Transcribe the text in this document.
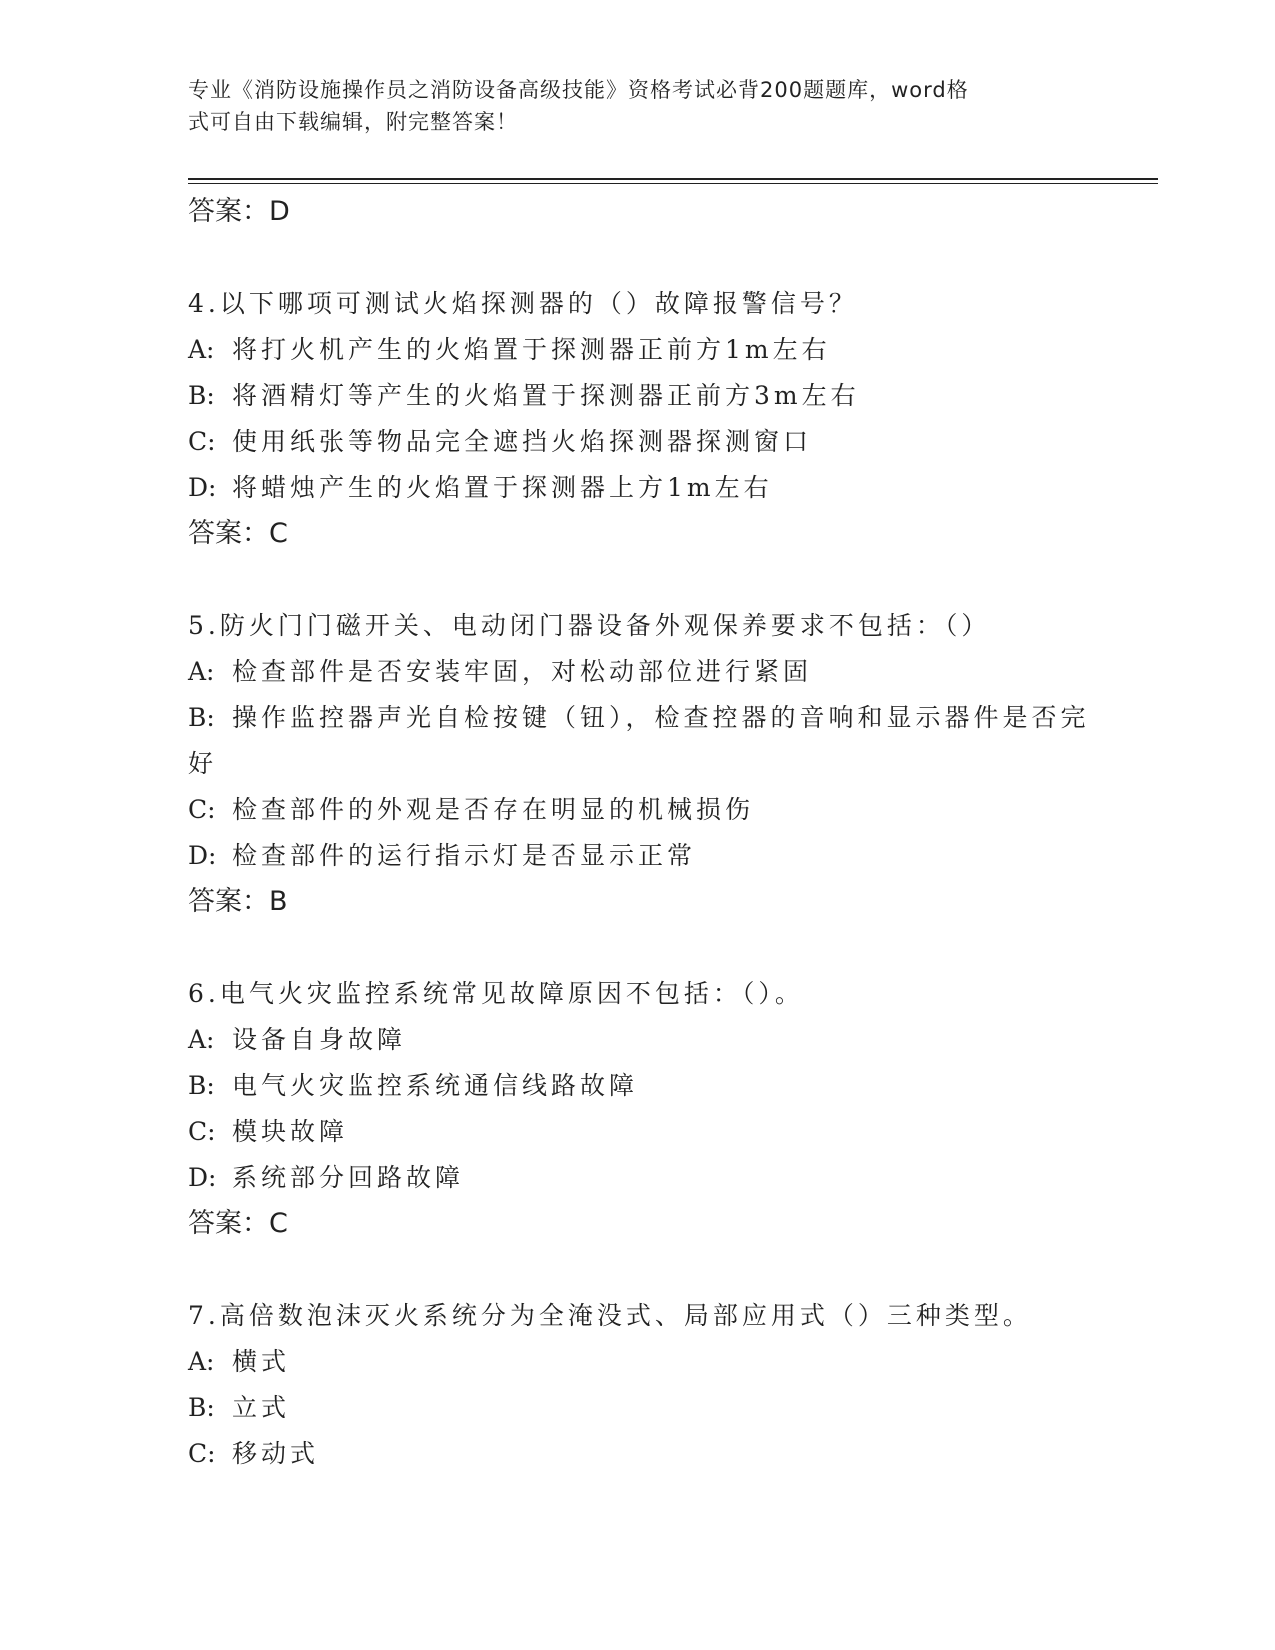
专业《消防设施操作员之消防设备高级技能》资格考试必背200题题库，word格
式可自由下载编辑，附完整答案！
答案：D
4.以下哪项可测试火焰探测器的（）故障报警信号？
A: 将打火机产生的火焰置于探测器正前方1m左右
B: 将酒精灯等产生的火焰置于探测器正前方3m左右
C: 使用纸张等物品完全遮挡火焰探测器探测窗口
D: 将蜡烛产生的火焰置于探测器上方1m左右
答案：C
5.防火门门磁开关、电动闭门器设备外观保养要求不包括：（）
A: 检查部件是否安装牢固，对松动部位进行紧固
B: 操作监控器声光自检按键（钮），检查控器的音响和显示器件是否完好
C: 检查部件的外观是否存在明显的机械损伤
D: 检查部件的运行指示灯是否显示正常
答案：B
6.电气火灾监控系统常见故障原因不包括：（）。
A: 设备自身故障
B: 电气火灾监控系统通信线路故障
C: 模块故障
D: 系统部分回路故障
答案：C
7.高倍数泡沫灭火系统分为全淹没式、局部应用式（）三种类型。
A: 横式
B: 立式
C: 移动式
